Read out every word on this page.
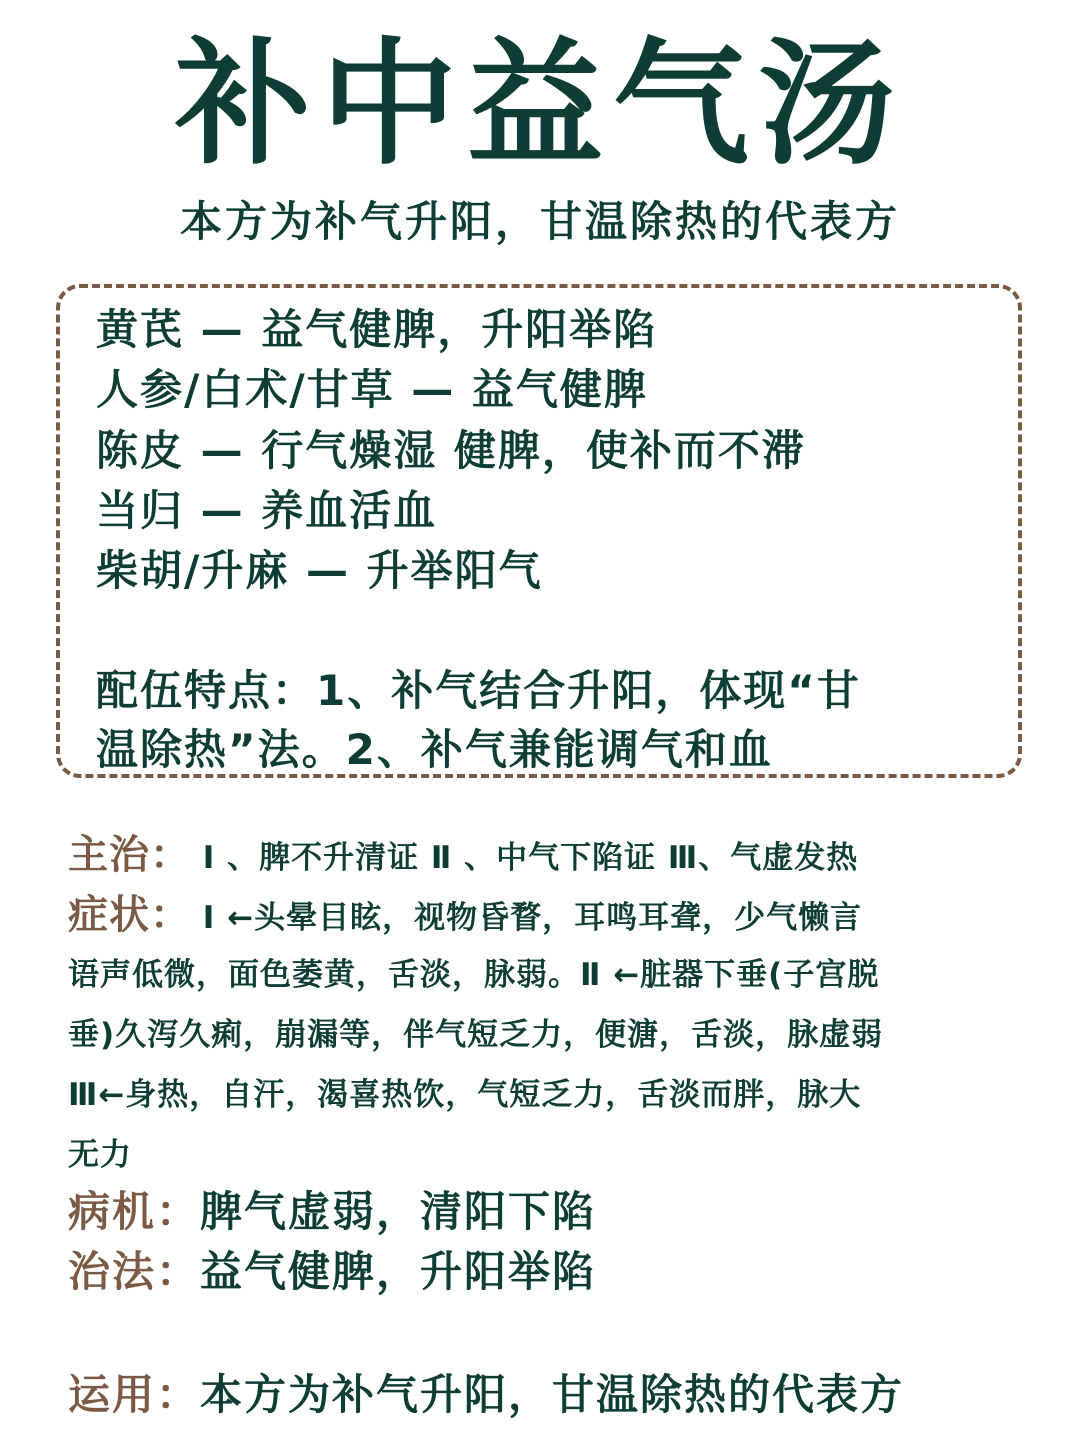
补中益气汤
本方为补气升阳，甘温除热的代表方
黄芪 — 益气健脾，升阳举陷
人参/白术/甘草 — 益气健脾
陈皮 — 行气燥湿 健脾，使补而不滞
当归 — 养血活血
柴胡/升麻 — 升举阳气
配伍特点：1、补气结合升阳，体现“甘
温除热”法。2、补气兼能调气和血
主治： Ⅰ 、脾不升清证 Ⅱ 、中气下陷证 Ⅲ、气虚发热
症状： Ⅰ ←头晕目眩，视物昏瞀，耳鸣耳聋，少气懒言
语声低微，面色萎黄，舌淡，脉弱。Ⅱ ←脏器下垂(子宫脱
垂)久泻久痢，崩漏等，伴气短乏力，便溏，舌淡，脉虚弱
Ⅲ←身热，自汗，渴喜热饮，气短乏力，舌淡而胖，脉大
无力
病机：脾气虚弱，清阳下陷
治法：益气健脾，升阳举陷
运用：本方为补气升阳，甘温除热的代表方
